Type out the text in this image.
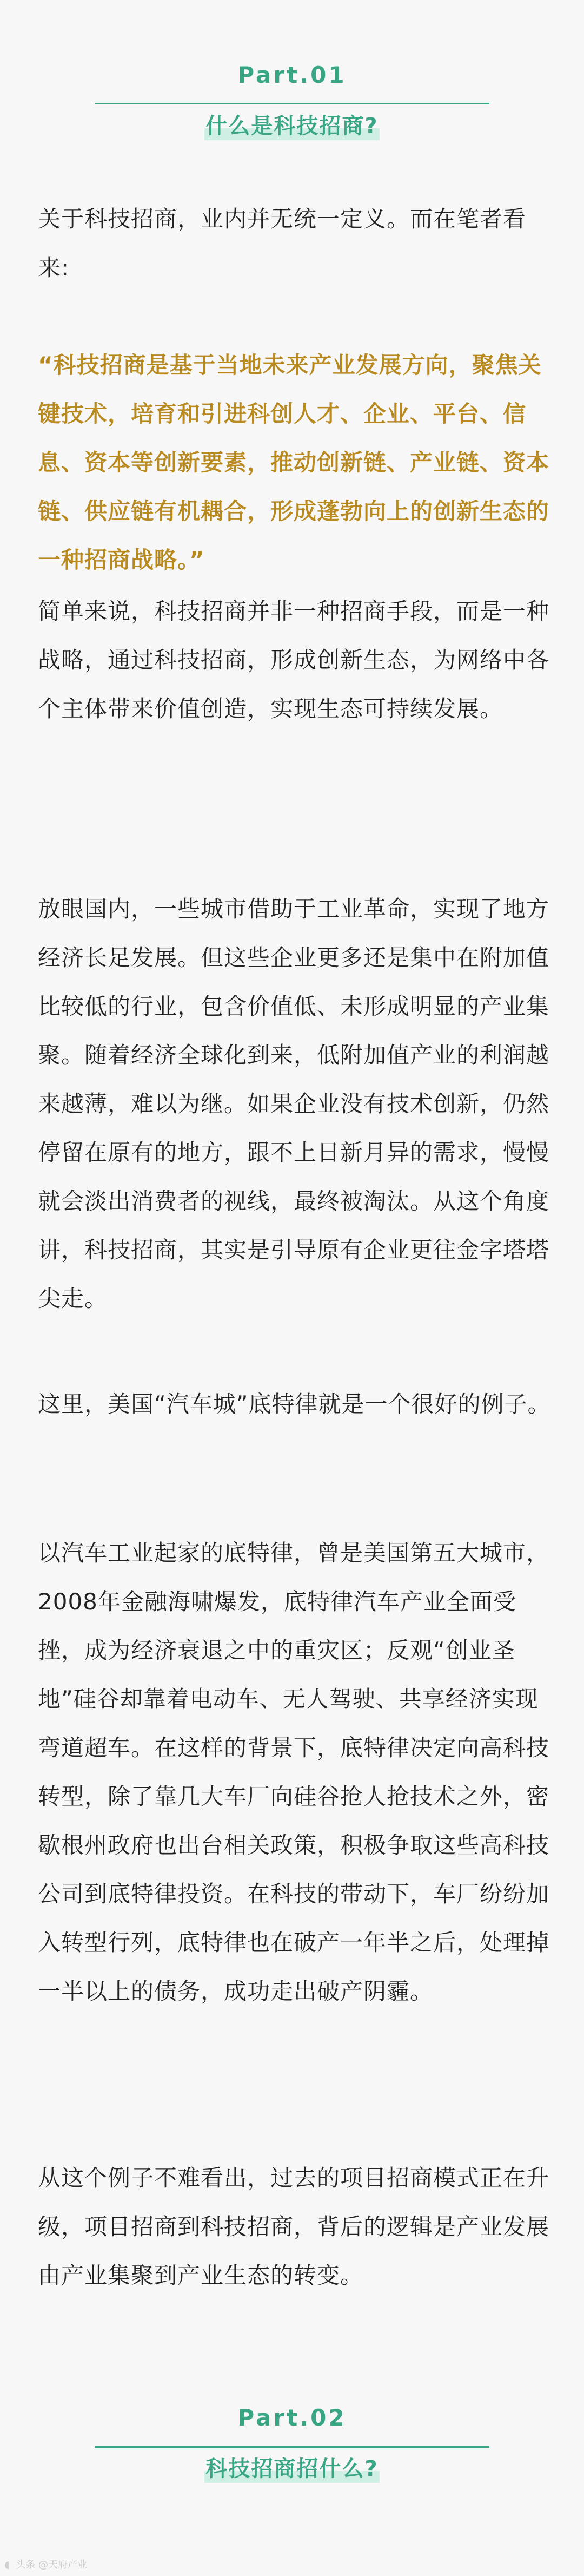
Part.01
什么是科技招商?

关于科技招商，业内并无统一定义。而在笔者看来:

“科技招商是基于当地未来产业发展方向，聚焦关键技术，培育和引进科创人才、企业、平台、信息、资本等创新要素，推动创新链、产业链、资本链、供应链有机耦合，形成蓬勃向上的创新生态的一种招商战略。”

简单来说，科技招商并非一种招商手段，而是一种战略，通过科技招商，形成创新生态，为网络中各个主体带来价值创造，实现生态可持续发展。

放眼国内，一些城市借助于工业革命，实现了地方经济长足发展。但这些企业更多还是集中在附加值比较低的行业，包含价值低、未形成明显的产业集聚。随着经济全球化到来，低附加值产业的利润越来越薄，难以为继。如果企业没有技术创新，仍然停留在原有的地方，跟不上日新月异的需求，慢慢就会淡出消费者的视线，最终被淘汰。从这个角度讲，科技招商，其实是引导原有企业更往金字塔塔尖走。

这里，美国“汽车城”底特律就是一个很好的例子。

以汽车工业起家的底特律，曾是美国第五大城市，2008年金融海啸爆发，底特律汽车产业全面受挫，成为经济衰退之中的重灾区；反观“创业圣地”硅谷却靠着电动车、无人驾驶、共享经济实现弯道超车。在这样的背景下，底特律决定向高科技转型，除了靠几大车厂向硅谷抢人抢技术之外，密歇根州政府也出台相关政策，积极争取这些高科技公司到底特律投资。在科技的带动下，车厂纷纷加入转型行列，底特律也在破产一年半之后，处理掉一半以上的债务，成功走出破产阴霾。

从这个例子不难看出，过去的项目招商模式正在升级，项目招商到科技招商，背后的逻辑是产业发展由产业集聚到产业生态的转变。

Part.02
科技招商招什么?
◖ 头条 @天府产业
